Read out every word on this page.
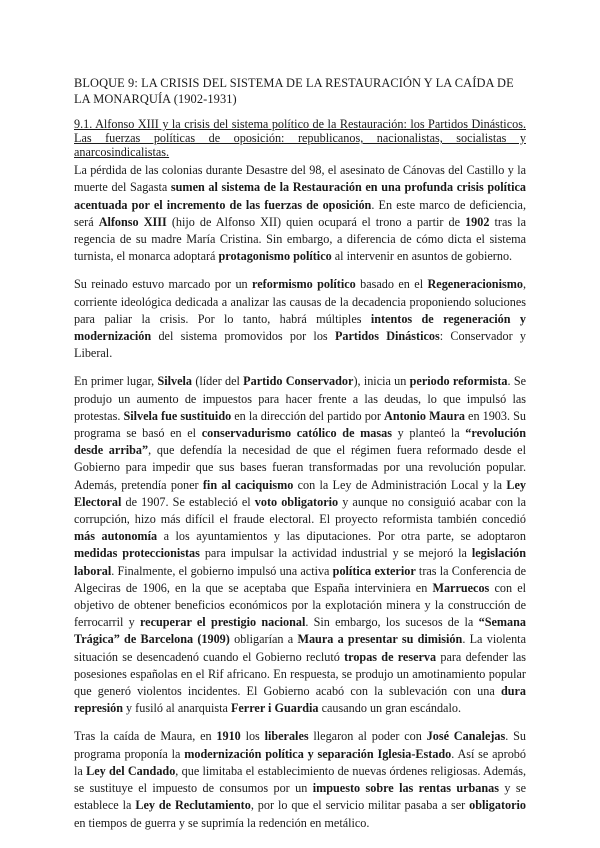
BLOQUE 9: LA CRISIS DEL SISTEMA DE LA RESTAURACIÓN Y LA CAÍDA DE LA MONARQUÍA (1902-1931)
9.1. Alfonso XIII y la crisis del sistema político de la Restauración: los Partidos Dinásticos. Las fuerzas políticas de oposición: republicanos, nacionalistas, socialistas y anarcosindicalistas.

La pérdida de las colonias durante Desastre del 98, el asesinato de Cánovas del Castillo y la muerte del Sagasta sumen al sistema de la Restauración en una profunda crisis política acentuada por el incremento de las fuerzas de oposición. En este marco de deficiencia, será Alfonso XIII (hijo de Alfonso XII) quien ocupará el trono a partir de 1902 tras la regencia de su madre María Cristina. Sin embargo, a diferencia de cómo dicta el sistema turnista, el monarca adoptará protagonismo político al intervenir en asuntos de gobierno.

Su reinado estuvo marcado por un reformismo político basado en el Regeneracionismo, corriente ideológica dedicada a analizar las causas de la decadencia proponiendo soluciones para paliar la crisis. Por lo tanto, habrá múltiples intentos de regeneración y modernización del sistema promovidos por los Partidos Dinásticos: Conservador y Liberal.

En primer lugar, Silvela (líder del Partido Conservador), inicia un periodo reformista. Se produjo un aumento de impuestos para hacer frente a las deudas, lo que impulsó las protestas. Silvela fue sustituido en la dirección del partido por Antonio Maura en 1903. Su programa se basó en el conservadurismo católico de masas y planteó la “revolución desde arriba”, que defendía la necesidad de que el régimen fuera reformado desde el Gobierno para impedir que sus bases fueran transformadas por una revolución popular. Además, pretendía poner fin al caciquismo con la Ley de Administración Local y la Ley Electoral de 1907. Se estableció el voto obligatorio y aunque no consiguió acabar con la corrupción, hizo más difícil el fraude electoral. El proyecto reformista también concedió más autonomía a los ayuntamientos y las diputaciones. Por otra parte, se adoptaron medidas proteccionistas para impulsar la actividad industrial y se mejoró la legislación laboral. Finalmente, el gobierno impulsó una activa política exterior tras la Conferencia de Algeciras de 1906, en la que se aceptaba que España interviniera en Marruecos con el objetivo de obtener beneficios económicos por la explotación minera y la construcción de ferrocarril y recuperar el prestigio nacional. Sin embargo, los sucesos de la “Semana Trágica” de Barcelona (1909) obligarían a Maura a presentar su dimisión. La violenta situación se desencadenó cuando el Gobierno reclutó tropas de reserva para defender las posesiones españolas en el Rif africano. En respuesta, se produjo un amotinamiento popular que generó violentos incidentes. El Gobierno acabó con la sublevación con una dura represión y fusiló al anarquista Ferrer i Guardia causando un gran escándalo.

Tras la caída de Maura, en 1910 los liberales llegaron al poder con José Canalejas. Su programa proponía la modernización política y separación Iglesia-Estado. Así se aprobó la Ley del Candado, que limitaba el establecimiento de nuevas órdenes religiosas. Además, se sustituye el impuesto de consumos por un impuesto sobre las rentas urbanas y se establece la Ley de Reclutamiento, por lo que el servicio militar pasaba a ser obligatorio en tiempos de guerra y se suprimía la redención en metálico.
